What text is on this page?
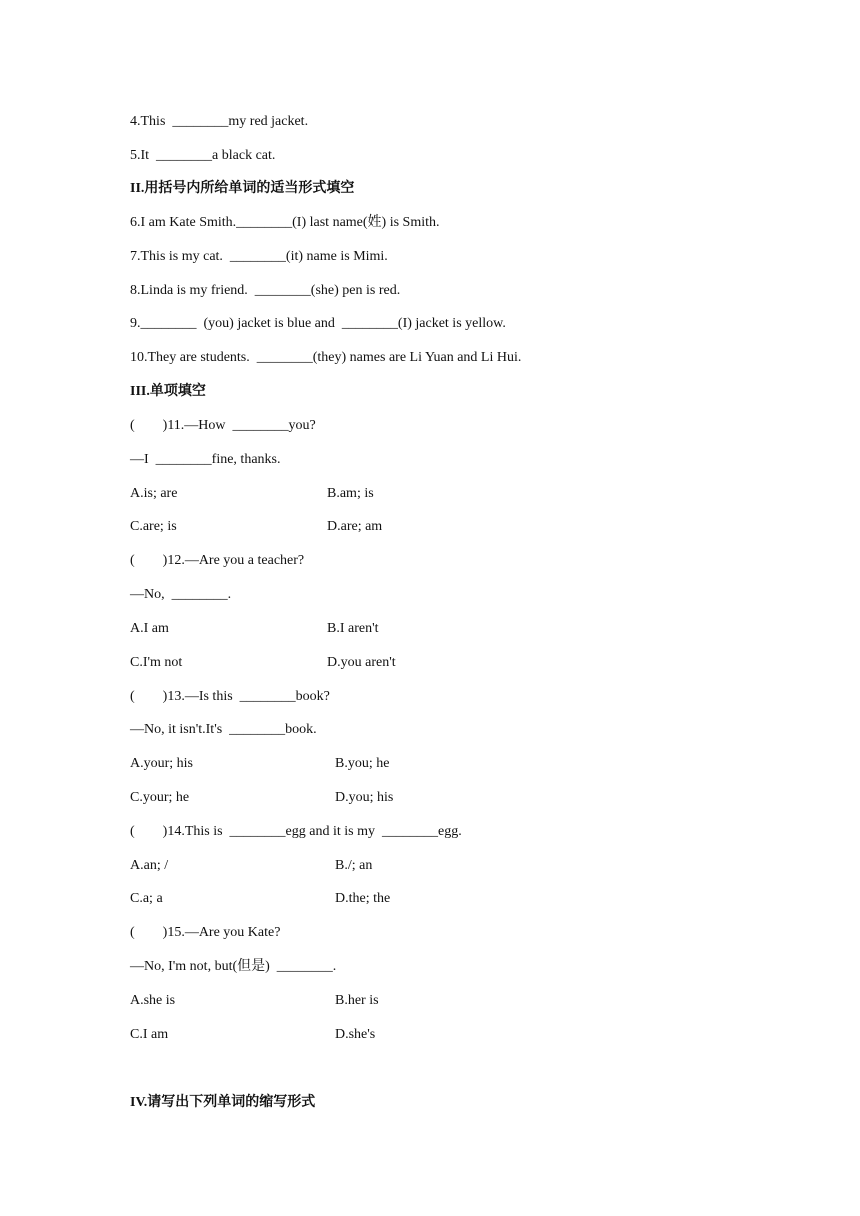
4.This  ________my red jacket.
5.It  ________a black cat.
II.用括号内所给单词的适当形式填空
6.I am Kate Smith.________(I) last name(姓) is Smith.
7.This is my cat.  ________(it) name is Mimi.
8.Linda is my friend.  ________(she) pen is red.
9.________  (you) jacket is blue and  ________(I) jacket is yellow.
10.They are students.  ________(they) names are Li Yuan and Li Hui.
III.单项填空
(        )11.—How  ________you?
—I  ________fine, thanks.
A.is; are	B.am; is
C.are; is	D.are; am
(        )12.—Are you a teacher?
—No,  ________.
A.I am	B.I aren't
C.I'm not	D.you aren't
(        )13.—Is this  ________book?
—No, it isn't.It's  ________book.
A.your; his	B.you; he
C.your; he	D.you; his
(        )14.This is  ________egg and it is my  ________egg.
A.an; /	B./; an
C.a; a	D.the; the
(        )15.—Are you Kate?
—No, I'm not, but(但是)  ________.
A.she is	B.her is
C.I am	D.she's
IV.请写出下列单词的缩写形式
